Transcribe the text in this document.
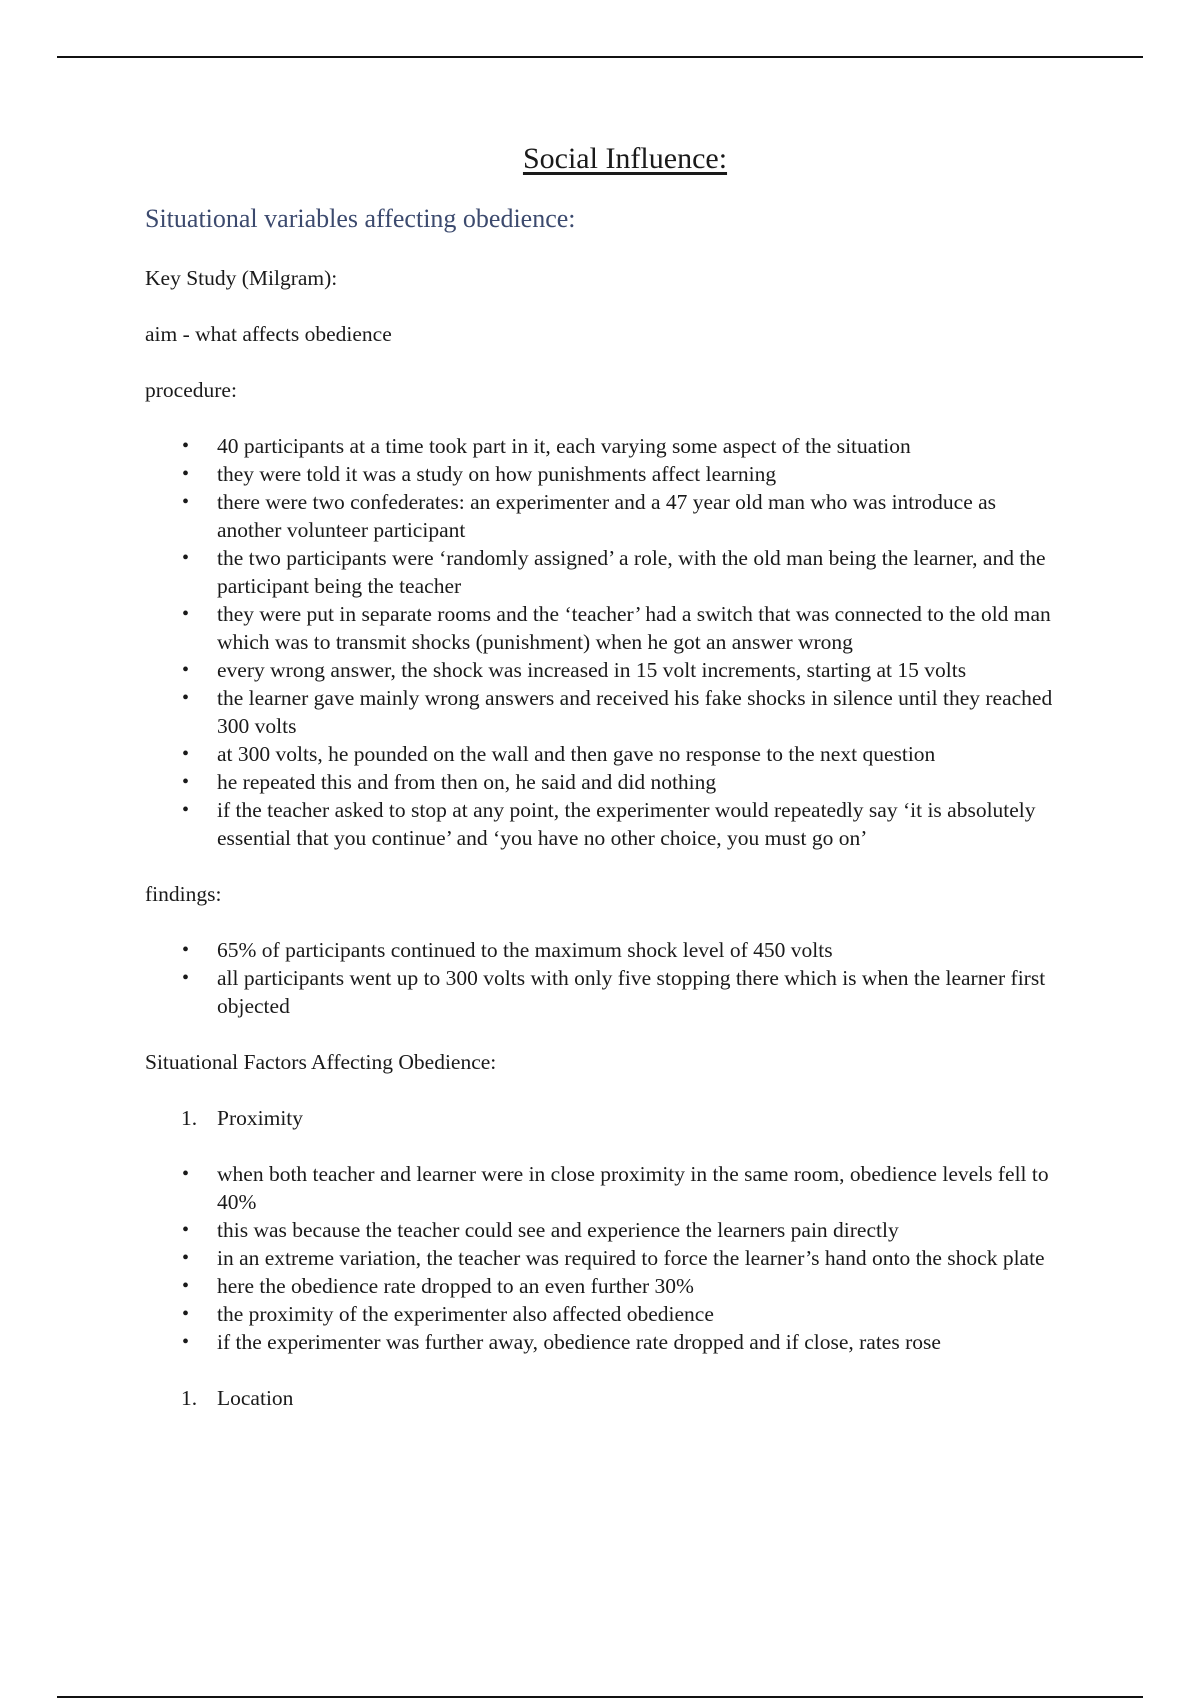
Social Influence:
Situational variables affecting obedience:
Key Study (Milgram):
aim - what affects obedience
procedure:
• 40 participants at a time took part in it, each varying some aspect of the situation
• they were told it was a study on how punishments affect learning
• there were two confederates: an experimenter and a 47 year old man who was introduce as another volunteer participant
• the two participants were ‘randomly assigned’ a role, with the old man being the learner, and the participant being the teacher
• they were put in separate rooms and the ‘teacher’ had a switch that was connected to the old man which was to transmit shocks (punishment) when he got an answer wrong
• every wrong answer, the shock was increased in 15 volt increments, starting at 15 volts
• the learner gave mainly wrong answers and received his fake shocks in silence until they reached 300 volts
• at 300 volts, he pounded on the wall and then gave no response to the next question
• he repeated this and from then on, he said and did nothing
• if the teacher asked to stop at any point, the experimenter would repeatedly say ‘it is absolutely essential that you continue’ and ‘you have no other choice, you must go on’
findings:
• 65% of participants continued to the maximum shock level of 450 volts
• all participants went up to 300 volts with only five stopping there which is when the learner first objected
Situational Factors Affecting Obedience:
1. Proximity
• when both teacher and learner were in close proximity in the same room, obedience levels fell to 40%
• this was because the teacher could see and experience the learners pain directly
• in an extreme variation, the teacher was required to force the learner’s hand onto the shock plate
• here the obedience rate dropped to an even further 30%
• the proximity of the experimenter also affected obedience
• if the experimenter was further away, obedience rate dropped and if close, rates rose
1. Location
